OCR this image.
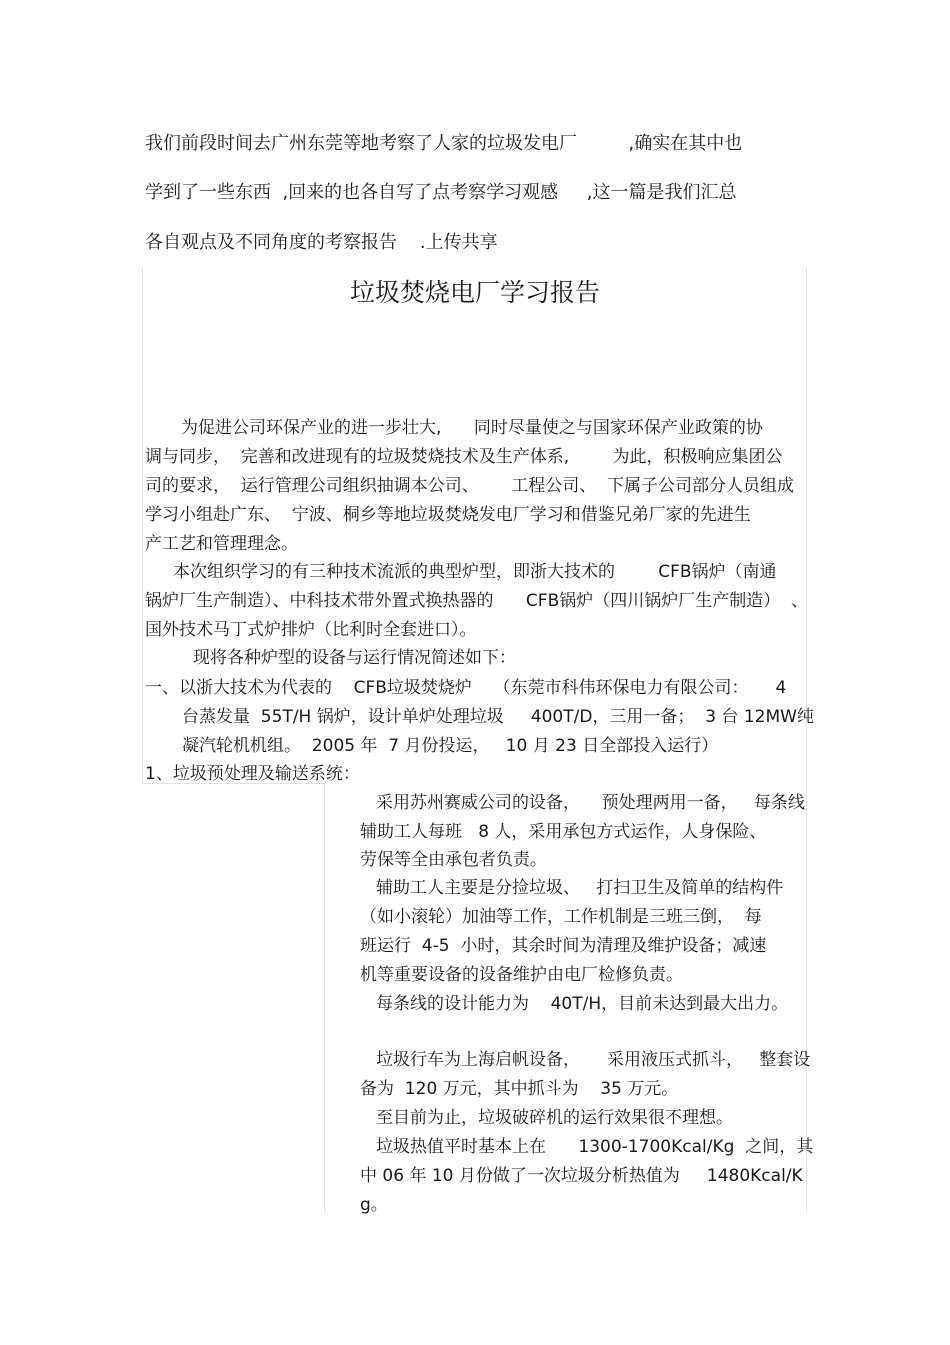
我们前段时间去广州东莞等地考察了人家的垃圾发电厂         ,确实在其中也
学到了一些东西  ,回来的也各自写了点考察学习观感     ,这一篇是我们汇总
各自观点及不同角度的考察报告    .上传共享
垃圾焚烧电厂学习报告
为促进公司环保产业的进一步壮大,      同时尽量使之与国家环保产业政策的协
调与同步，  完善和改进现有的垃圾焚烧技术及生产体系,        为此，积极响应集团公
司的要求，  运行管理公司组织抽调本公司、      工程公司、  下属子公司部分人员组成
学习小组赴广东、  宁波、桐乡等地垃圾焚烧发电厂学习和借鉴兄弟厂家的先进生
产工艺和管理理念。
本次组织学习的有三种技术流派的典型炉型，即浙大技术的        CFB锅炉（南通
锅炉厂生产制造）、中科技术带外置式换热器的      CFB锅炉（四川锅炉厂生产制造）  、
国外技术马丁式炉排炉（比利时全套进口）。
现将各种炉型的设备与运行情况简述如下：
一、以浙大技术为代表的    CFB垃圾焚烧炉    （东莞市科伟环保电力有限公司：     4
台蒸发量  55T/H 锅炉，设计单炉处理垃圾     400T/D，三用一备；  3 台 12MW纯
凝汽轮机机组。  2005 年  7 月份投运，   10 月 23 日全部投入运行）
1、垃圾预处理及输送系统：
采用苏州赛威公司的设备，    预处理两用一备，   每条线
辅助工人每班   8 人，采用承包方式运作，人身保险、
劳保等全由承包者负责。
辅助工人主要是分捡垃圾、   打扫卫生及简单的结构件
（如小滚轮）加油等工作，工作机制是三班三倒，  每
班运行  4-5  小时，其余时间为清理及维护设备；减速
机等重要设备的设备维护由电厂检修负责。
每条线的设计能力为    40T/H，目前未达到最大出力。
垃圾行车为上海启帆设备，     采用液压式抓斗，   整套设
备为  120 万元，其中抓斗为    35 万元。
至目前为止，垃圾破碎机的运行效果很不理想。
垃圾热值平时基本上在      1300-1700Kcal/Kg  之间，其
中 06 年 10 月份做了一次垃圾分析热值为     1480Kcal/K
g。
